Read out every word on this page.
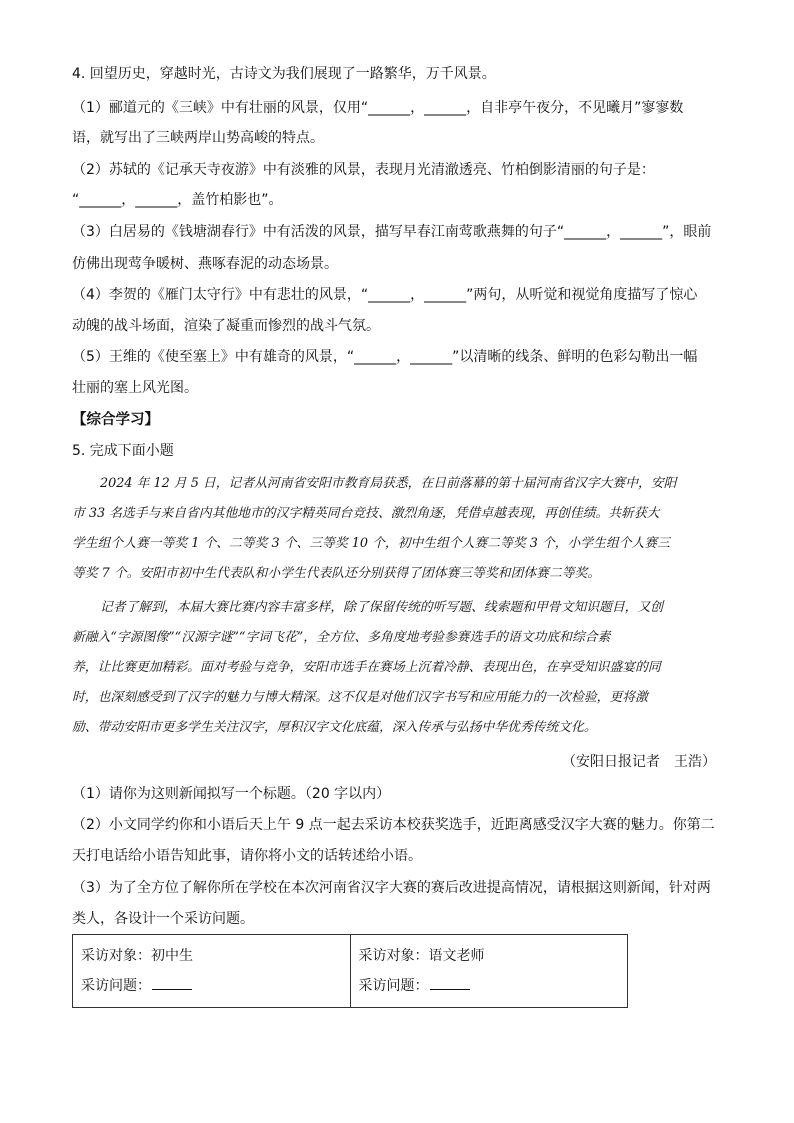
4. 回望历史，穿越时光，古诗文为我们展现了一路繁华，万千风景。
（1）郦道元的《三峡》中有壮丽的风景，仅用“______，______，自非亭午夜分，不见曦月”寥寥数
语，就写出了三峡两岸山势高峻的特点。
（2）苏轼的《记承天寺夜游》中有淡雅的风景，表现月光清澈透亮、竹柏倒影清丽的句子是：
“______，______，盖竹柏影也”。
（3）白居易的《钱塘湖春行》中有活泼的风景，描写早春江南莺歌燕舞的句子“______，______”，眼前
仿佛出现莺争暖树、燕啄春泥的动态场景。
（4）李贺的《雁门太守行》中有悲壮的风景，“______，______”两句，从听觉和视觉角度描写了惊心
动魄的战斗场面，渲染了凝重而惨烈的战斗气氛。
（5）王维的《使至塞上》中有雄奇的风景，“______，______”以清晰的线条、鲜明的色彩勾勒出一幅
壮丽的塞上风光图。
【综合学习】
5. 完成下面小题
2024 年 12 月 5 日，记者从河南省安阳市教育局获悉，在日前落幕的第十届河南省汉字大赛中，安阳
市 33 名选手与来自省内其他地市的汉字精英同台竞技、激烈角逐，凭借卓越表现，再创佳绩。共斩获大
学生组个人赛一等奖 1 个、二等奖 3 个、三等奖 10 个，初中生组个人赛二等奖 3 个，小学生组个人赛三
等奖 7 个。安阳市初中生代表队和小学生代表队还分别获得了团体赛三等奖和团体赛二等奖。
记者了解到，本届大赛比赛内容丰富多样，除了保留传统的听写题、线索题和甲骨文知识题目，又创
新融入“字源图像”“汉源字谜”“字词飞花”，全方位、多角度地考验参赛选手的语文功底和综合素
养，让比赛更加精彩。面对考验与竞争，安阳市选手在赛场上沉着冷静、表现出色，在享受知识盛宴的同
时，也深刻感受到了汉字的魅力与博大精深。这不仅是对他们汉字书写和应用能力的一次检验，更将激
励、带动安阳市更多学生关注汉字，厚积汉字文化底蕴，深入传承与弘扬中华优秀传统文化。
（安阳日报记者　王浩）
（1）请你为这则新闻拟写一个标题。（20 字以内）
（2）小文同学约你和小语后天上午 9 点一起去采访本校获奖选手，近距离感受汉字大赛的魅力。你第二
天打电话给小语告知此事，请你将小文的话转述给小语。
（3）为了全方位了解你所在学校在本次河南省汉字大赛的赛后改进提高情况，请根据这则新闻，针对两
类人，各设计一个采访问题。
采访对象：初中生
采访问题：

采访对象：语文老师
采访问题：
